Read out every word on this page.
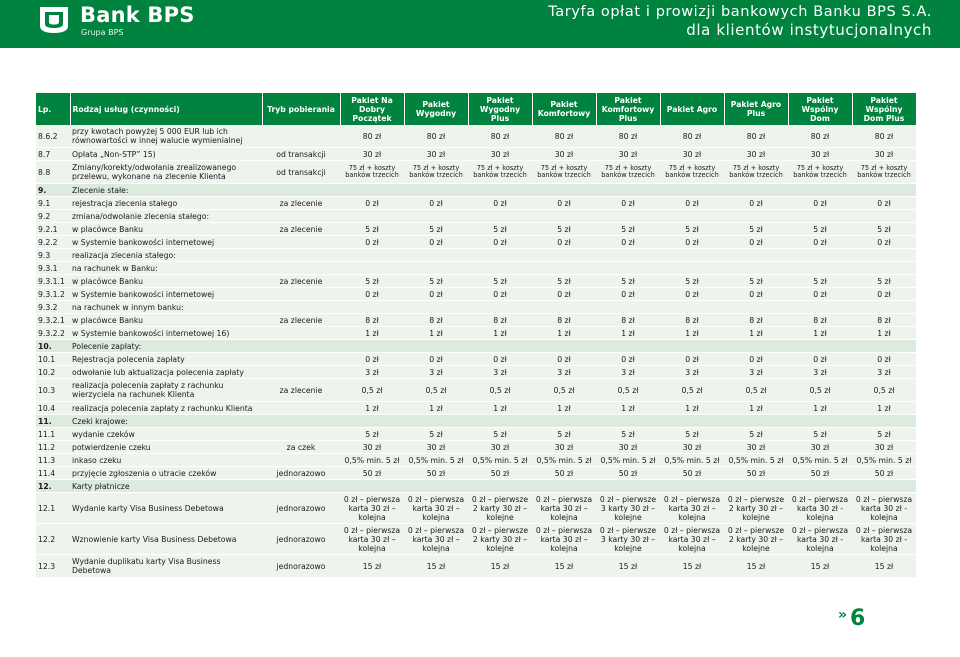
Bank BPS
Grupa BPS
Taryfa opłat i prowizji bankowych Banku BPS S.A.
dla klientów instytucjonalnych
Lp.	Rodzaj usług (czynności)	Tryb pobierania	Pakiet Na Dobry Początek	Pakiet Wygodny	Pakiet Wygodny Plus	Pakiet Komfortowy	Pakiet Komfortowy Plus	Pakiet Agro	Pakiet Agro Plus	Pakiet Wspólny Dom	Pakiet Wspólny Dom Plus
8.6.2	przy kwotach powyżej 5 000 EUR lub ich równowartości w innej walucie wymienialnej		80 zł	80 zł	80 zł	80 zł	80 zł	80 zł	80 zł	80 zł	80 zł
8.7	Opłata „Non-STP” 15)	od transakcji	30 zł	30 zł	30 zł	30 zł	30 zł	30 zł	30 zł	30 zł	30 zł
8.8	Zmiany/korekty/odwołania zrealizowanego przelewu, wykonane na zlecenie Klienta	od transakcji	75 zł + koszty banków trzecich	75 zł + koszty banków trzecich	75 zł + koszty banków trzecich	75 zł + koszty banków trzecich	75 zł + koszty banków trzecich	75 zł + koszty banków trzecich	75 zł + koszty banków trzecich	75 zł + koszty banków trzecich	75 zł + koszty banków trzecich
9.	Zlecenie stałe:										
9.1	rejestracja zlecenia stałego	za zlecenie	0 zł	0 zł	0 zł	0 zł	0 zł	0 zł	0 zł	0 zł	0 zł
9.2	zmiana/odwołanie zlecenia stałego:										
9.2.1	w placówce Banku	za zlecenie	5 zł	5 zł	5 zł	5 zł	5 zł	5 zł	5 zł	5 zł	5 zł
9.2.2	w Systemie bankowości internetowej		0 zł	0 zł	0 zł	0 zł	0 zł	0 zł	0 zł	0 zł	0 zł
9.3	realizacja zlecenia stałego:										
9.3.1	na rachunek w Banku:										
9.3.1.1	w placówce Banku	za zlecenie	5 zł	5 zł	5 zł	5 zł	5 zł	5 zł	5 zł	5 zł	5 zł
9.3.1.2	w Systemie bankowości internetowej		0 zł	0 zł	0 zł	0 zł	0 zł	0 zł	0 zł	0 zł	0 zł
9.3.2	na rachunek w innym banku:										
9.3.2.1	w placówce Banku	za zlecenie	8 zł	8 zł	8 zł	8 zł	8 zł	8 zł	8 zł	8 zł	8 zł
9.3.2.2	w Systemie bankowości internetowej 16)		1 zł	1 zł	1 zł	1 zł	1 zł	1 zł	1 zł	1 zł	1 zł
10.	Polecenie zapłaty:										
10.1	Rejestracja polecenia zapłaty		0 zł	0 zł	0 zł	0 zł	0 zł	0 zł	0 zł	0 zł	0 zł
10.2	odwołanie lub aktualizacja polecenia zapłaty		3 zł	3 zł	3 zł	3 zł	3 zł	3 zł	3 zł	3 zł	3 zł
10.3	realizacja polecenia zapłaty z rachunku wierzyciela na rachunek Klienta	za zlecenie	0,5 zł	0,5 zł	0,5 zł	0,5 zł	0,5 zł	0,5 zł	0,5 zł	0,5 zł	0,5 zł
10.4	realizacja polecenia zapłaty z rachunku Klienta		1 zł	1 zł	1 zł	1 zł	1 zł	1 zł	1 zł	1 zł	1 zł
11.	Czeki krajowe:										
11.1	wydanie czeków		5 zł	5 zł	5 zł	5 zł	5 zł	5 zł	5 zł	5 zł	5 zł
11.2	potwierdzenie czeku	za czek	30 zł	30 zł	30 zł	30 zł	30 zł	30 zł	30 zł	30 zł	30 zł
11.3	inkaso czeku		0,5% min. 5 zł	0,5% min. 5 zł	0,5% min. 5 zł	0,5% min. 5 zł	0,5% min. 5 zł	0,5% min. 5 zł	0,5% min. 5 zł	0,5% min. 5 zł	0,5% min. 5 zł
11.4	przyjęcie zgłoszenia o utracie czeków	jednorazowo	50 zł	50 zł	50 zł	50 zł	50 zł	50 zł	50 zł	50 zł	50 zł
12.	Karty płatnicze										
12.1	Wydanie karty Visa Business Debetowa	jednorazowo	0 zł – pierwsza karta 30 zł – kolejna	0 zł – pierwsza karta 30 zł – kolejna	0 zł – pierwsze 2 karty 30 zł – kolejne	0 zł – pierwsza karta 30 zł – kolejna	0 zł – pierwsze 3 karty 30 zł – kolejne	0 zł – pierwsza karta 30 zł – kolejna	0 zł – pierwsze 2 karty 30 zł – kolejne	0 zł – pierwsza karta 30 zł - kolejna	0 zł – pierwsza karta 30 zł - kolejna
12.2	Wznowienie karty Visa Business Debetowa	jednorazowo	0 zł – pierwsza karta 30 zł – kolejna	0 zł – pierwsza karta 30 zł – kolejna	0 zł – pierwsze 2 karty 30 zł – kolejne	0 zł – pierwsza karta 30 zł – kolejna	0 zł – pierwsze 3 karty 30 zł – kolejne	0 zł – pierwsza karta 30 zł – kolejna	0 zł – pierwsze 2 karty 30 zł – kolejne	0 zł – pierwsza karta 30 zł - kolejna	0 zł – pierwsza karta 30 zł - kolejna
12.3	Wydanie duplikatu karty Visa Business Debetowa	jednorazowo	15 zł	15 zł	15 zł	15 zł	15 zł	15 zł	15 zł	15 zł	15 zł
» 6
